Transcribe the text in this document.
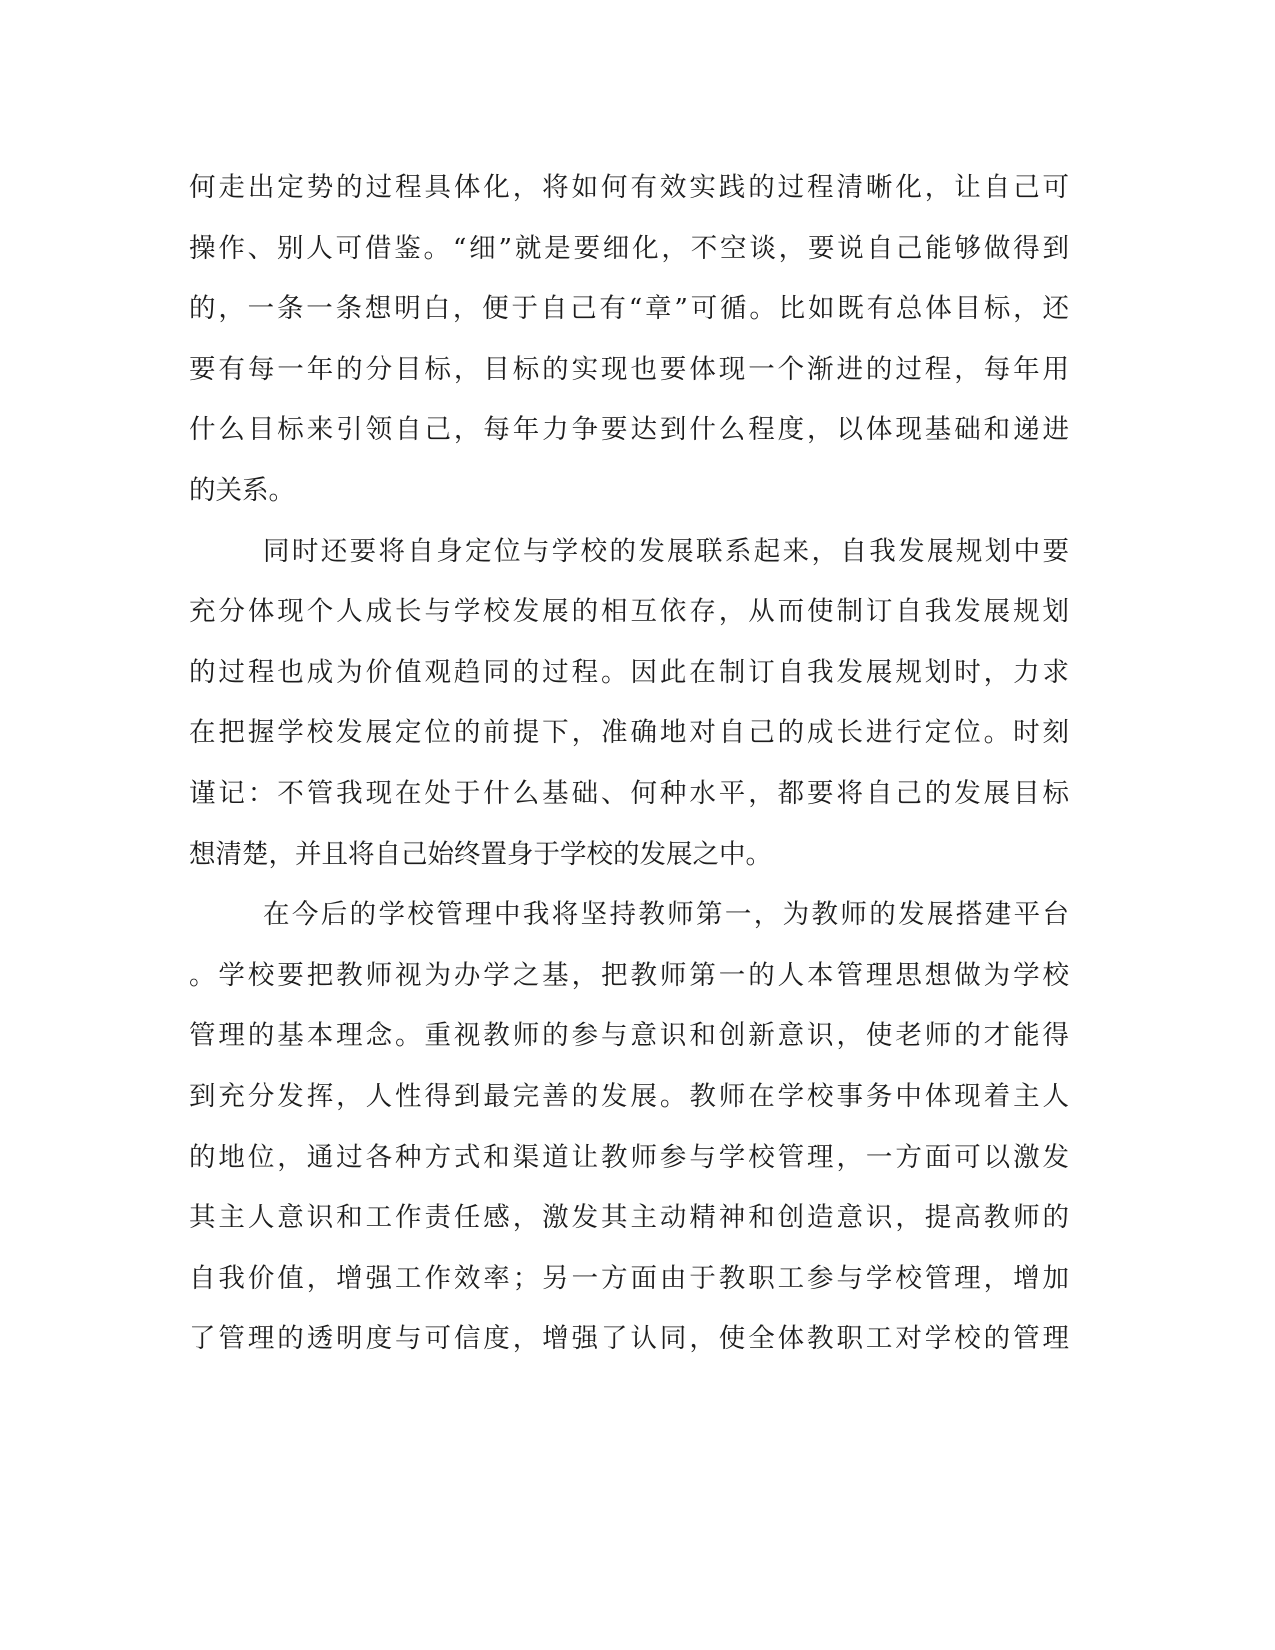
何走出定势的过程具体化，将如何有效实践的过程清晰化，让自己可
操作、别人可借鉴。“细”就是要细化，不空谈，要说自己能够做得到
的，一条一条想明白，便于自己有“章”可循。比如既有总体目标，还
要有每一年的分目标，目标的实现也要体现一个渐进的过程，每年用
什么目标来引领自己，每年力争要达到什么程度，以体现基础和递进
的关系。
同时还要将自身定位与学校的发展联系起来，自我发展规划中要
充分体现个人成长与学校发展的相互依存，从而使制订自我发展规划
的过程也成为价值观趋同的过程。因此在制订自我发展规划时，力求
在把握学校发展定位的前提下，准确地对自己的成长进行定位。时刻
谨记：不管我现在处于什么基础、何种水平，都要将自己的发展目标
想清楚，并且将自己始终置身于学校的发展之中。
在今后的学校管理中我将坚持教师第一，为教师的发展搭建平台
。学校要把教师视为办学之基，把教师第一的人本管理思想做为学校
管理的基本理念。重视教师的参与意识和创新意识，使老师的才能得
到充分发挥，人性得到最完善的发展。教师在学校事务中体现着主人
的地位，通过各种方式和渠道让教师参与学校管理，一方面可以激发
其主人意识和工作责任感，激发其主动精神和创造意识，提高教师的
自我价值，增强工作效率；另一方面由于教职工参与学校管理，增加
了管理的透明度与可信度，增强了认同，使全体教职工对学校的管理
